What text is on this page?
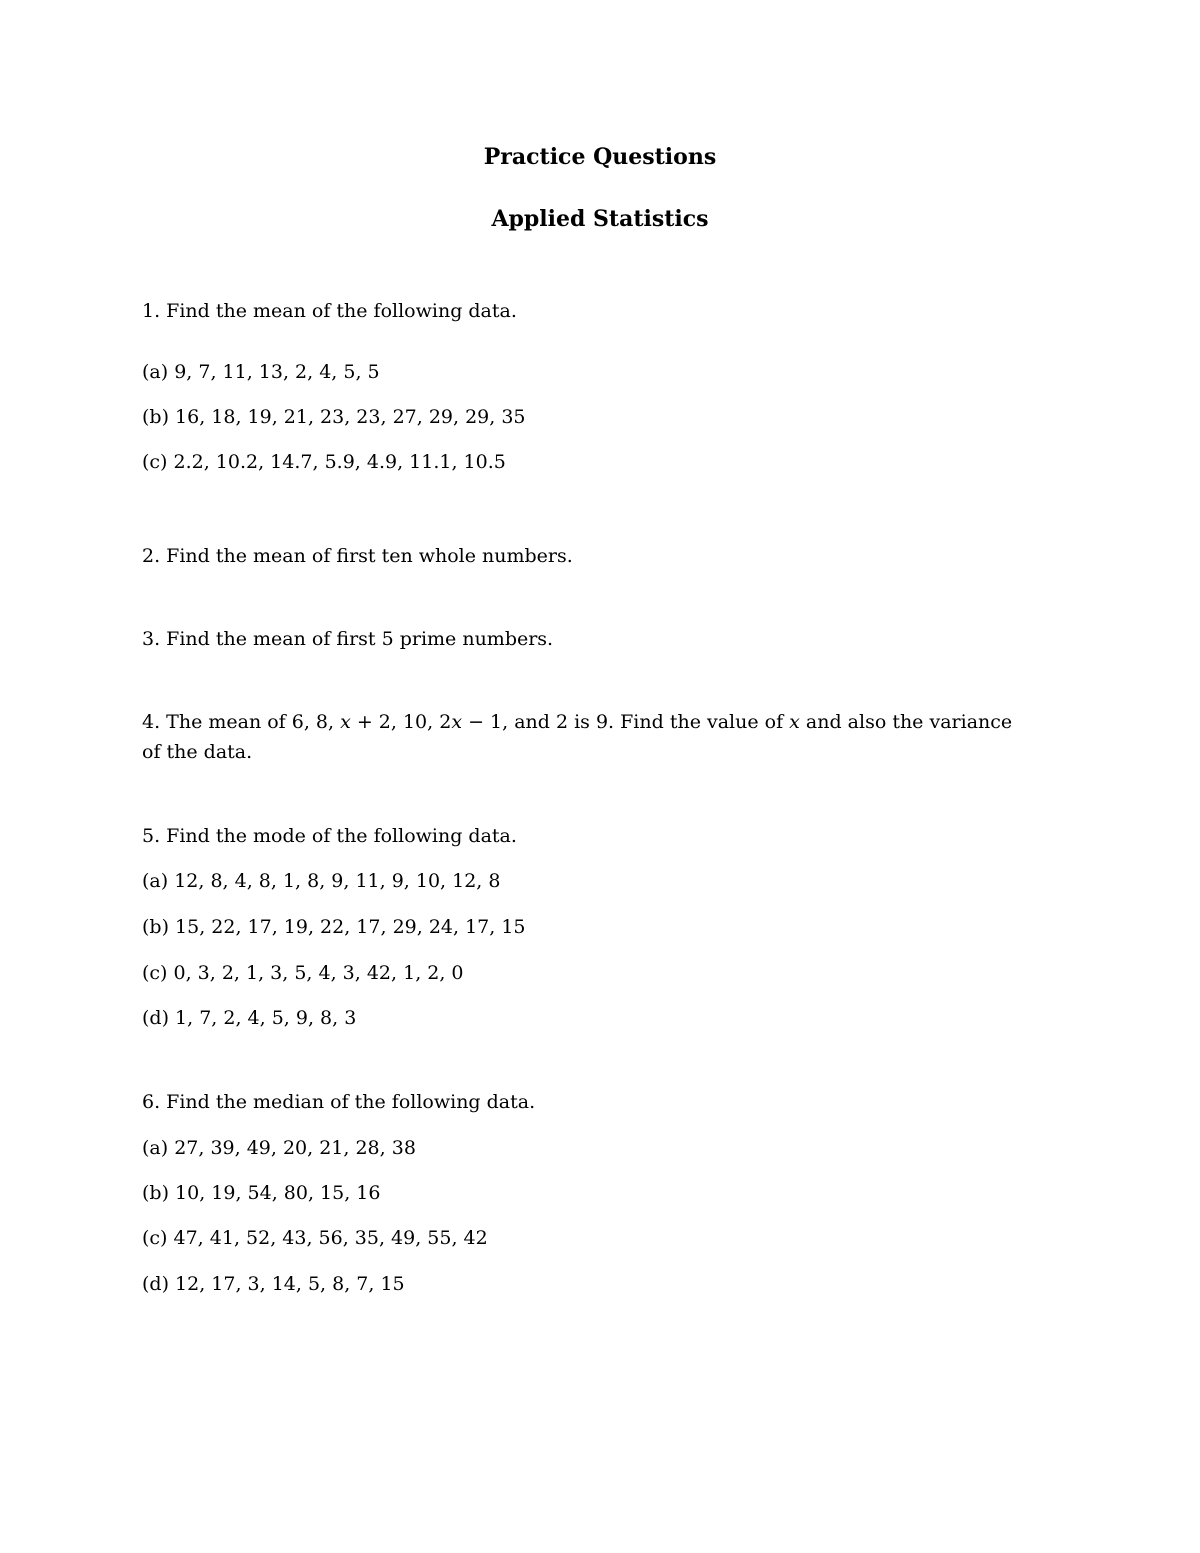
Practice Questions
Applied Statistics

1. Find the mean of the following data.

(a) 9, 7, 11, 13, 2, 4, 5, 5

(b) 16, 18, 19, 21, 23, 23, 27, 29, 29, 35

(c) 2.2, 10.2, 14.7, 5.9, 4.9, 11.1, 10.5

2. Find the mean of first ten whole numbers.

3. Find the mean of first 5 prime numbers.

4. The mean of 6, 8, x + 2, 10, 2x − 1, and 2 is 9. Find the value of x and also the variance

of the data.

5. Find the mode of the following data.

(a) 12, 8, 4, 8, 1, 8, 9, 11, 9, 10, 12, 8

(b) 15, 22, 17, 19, 22, 17, 29, 24, 17, 15

(c) 0, 3, 2, 1, 3, 5, 4, 3, 42, 1, 2, 0

(d) 1, 7, 2, 4, 5, 9, 8, 3

6. Find the median of the following data.

(a) 27, 39, 49, 20, 21, 28, 38

(b) 10, 19, 54, 80, 15, 16

(c) 47, 41, 52, 43, 56, 35, 49, 55, 42

(d) 12, 17, 3, 14, 5, 8, 7, 15
